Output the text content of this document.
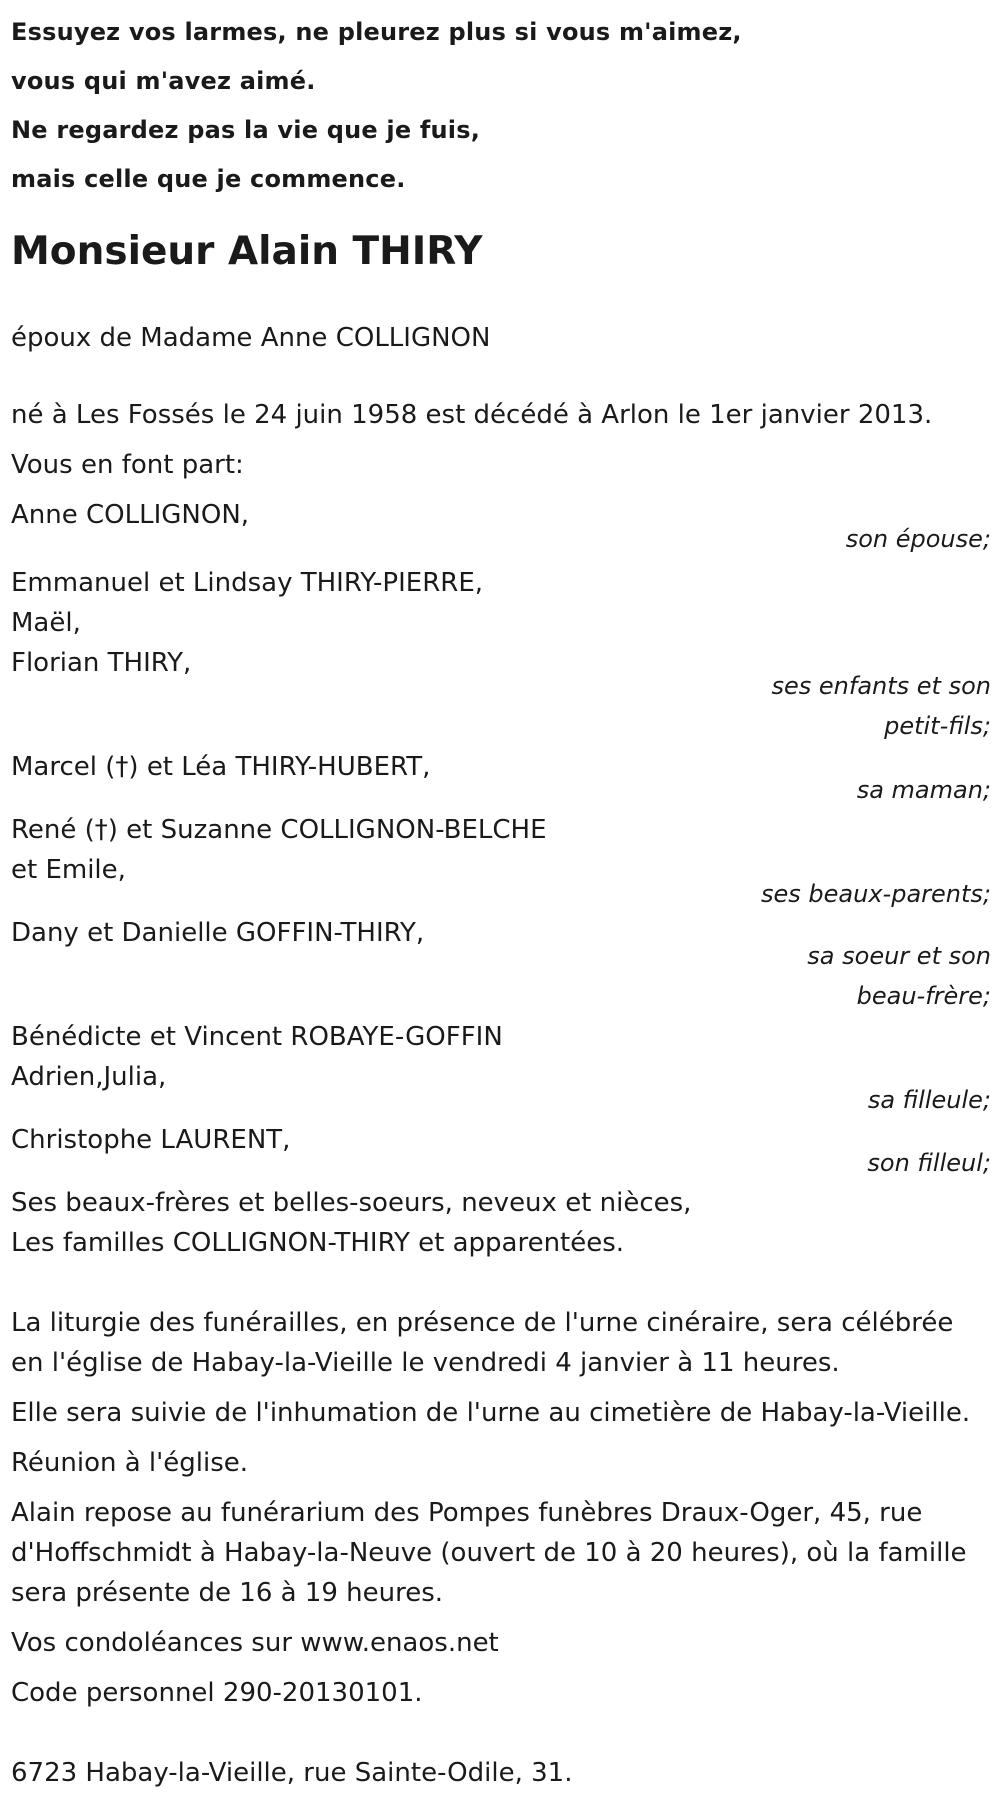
Essuyez vos larmes, ne pleurez plus si vous m'aimez,
vous qui m'avez aimé.
Ne regardez pas la vie que je fuis,
mais celle que je commence.
Monsieur Alain THIRY
époux de Madame Anne COLLIGNON
né à Les Fossés le 24 juin 1958 est décédé à Arlon le 1er janvier 2013.
Vous en font part:
Anne COLLIGNON,
son épouse;
Emmanuel et Lindsay THIRY-PIERRE,
Maël,
Florian THIRY,
ses enfants et son
petit-fils;
Marcel (†) et Léa THIRY-HUBERT,
sa maman;
René (†) et Suzanne COLLIGNON-BELCHE
et Emile,
ses beaux-parents;
Dany et Danielle GOFFIN-THIRY,
sa soeur et son
beau-frère;
Bénédicte et Vincent ROBAYE-GOFFIN
Adrien,Julia,
sa filleule;
Christophe LAURENT,
son filleul;
Ses beaux-frères et belles-soeurs, neveux et nièces,
Les familles COLLIGNON-THIRY et apparentées.
La liturgie des funérailles, en présence de l'urne cinéraire, sera célébrée
en l'église de Habay-la-Vieille le vendredi 4 janvier à 11 heures.
Elle sera suivie de l'inhumation de l'urne au cimetière de Habay-la-Vieille.
Réunion à l'église.
Alain repose au funérarium des Pompes funèbres Draux-Oger, 45, rue
d'Hoffschmidt à Habay-la-Neuve (ouvert de 10 à 20 heures), où la famille
sera présente de 16 à 19 heures.
Vos condoléances sur www.enaos.net
Code personnel 290-20130101.
6723 Habay-la-Vieille, rue Sainte-Odile, 31.
